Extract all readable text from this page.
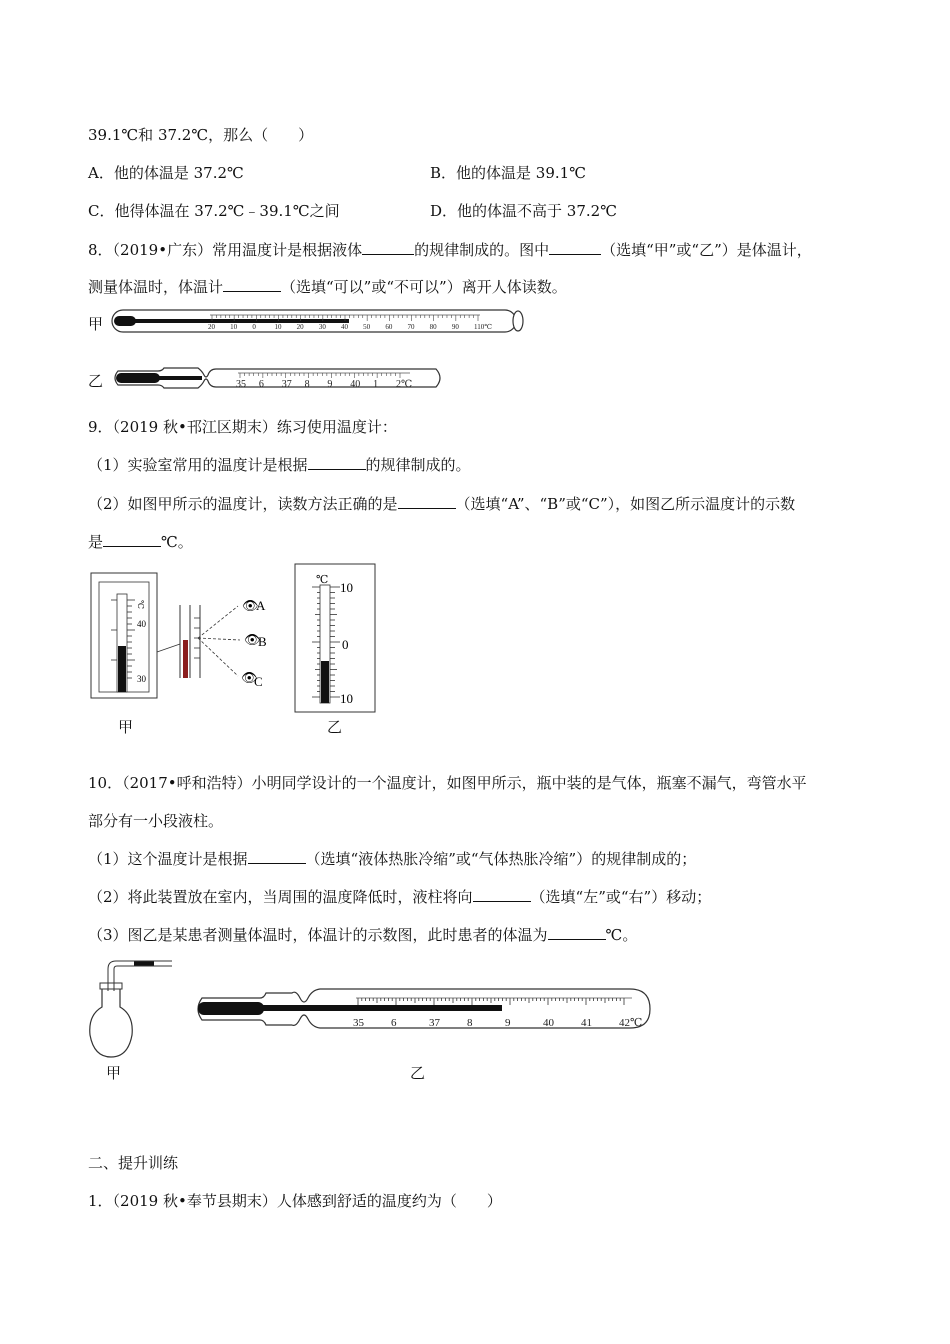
39.1℃和 37.2℃，那么（　　）
A．他的体温是 37.2℃	B．他的体温是 39.1℃
C．他得体温在 37.2℃﹣39.1℃之间	D．他的体温不高于 37.2℃
8．（2019•广东）常用温度计是根据液体	的规律制成的。图中	（选填“甲”或“乙”）是体温计，
测量体温时，体温计	（选填“可以”或“不可以”）离开人体读数。
甲	20 10 0	10 20 30 40 50 60 70 80 90 110℃
乙	35 6 37 8 9 40 1 2℃
9．（2019 秋•邗江区期末）练习使用温度计：
（1）实验室常用的温度计是根据	的规律制成的。
（2）如图甲所示的温度计，读数方法正确的是	（选填“A”、“B”或“C”），如图乙所示温度计的示数
是	℃。
℃
40
30
👁
👁
👁
A
B
C
甲
℃ 10
0
10
乙
10．（2017•呼和浩特）小明同学设计的一个温度计，如图甲所示，瓶中装的是气体，瓶塞不漏气，弯管水平
部分有一小段液柱。
（1）这个温度计是根据	（选填“液体热胀冷缩”或“气体热胀冷缩”）的规律制成的；
（2）将此装置放在室内，当周围的温度降低时，液柱将向	（选填“左”或“右”）移动；
（3）图乙是某患者测量体温时，体温计的示数图，此时患者的体温为	℃。
甲
35 6	37 8	9	40 41 42℃
乙
二、提升训练
1．（2019 秋•奉节县期末）人体感到舒适的温度约为（　　）
